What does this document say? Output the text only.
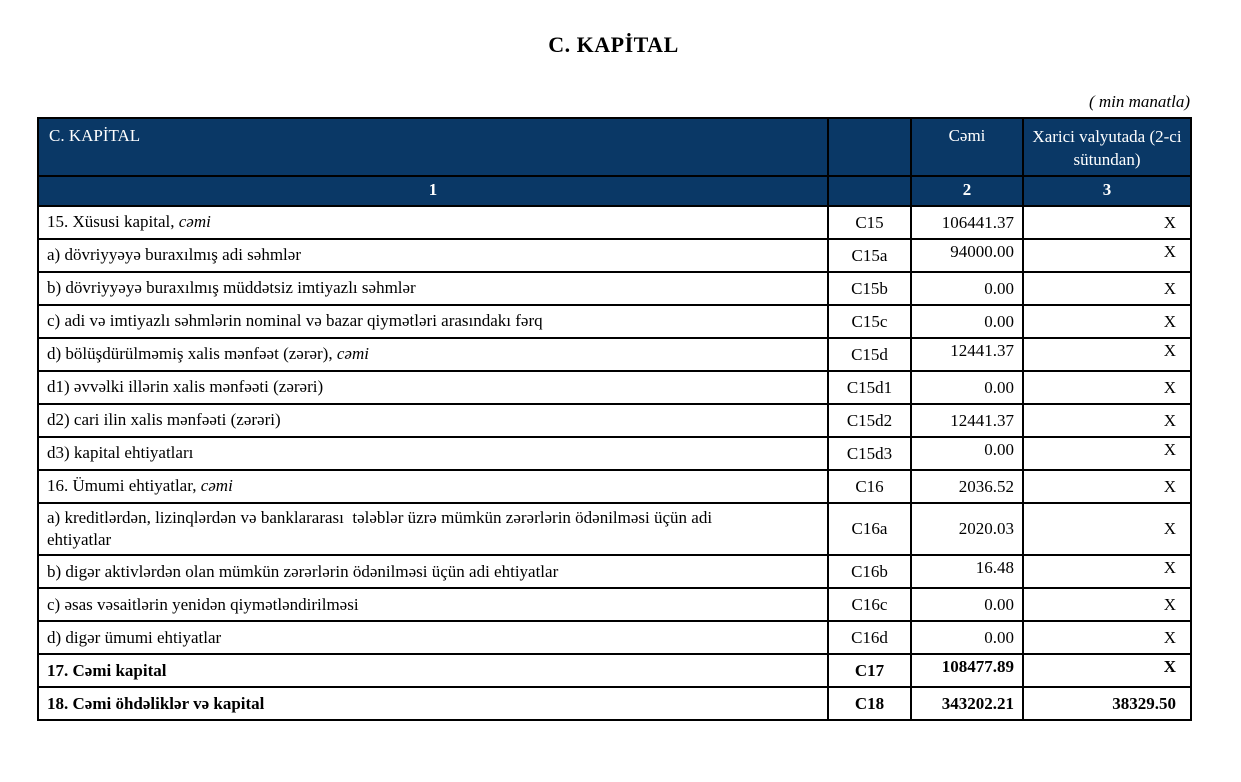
C. KAPİTAL
( min manatla)
C. KAPİTAL		Cəmi	Xarici valyutada (2-ci sütundan)
1		2	3
15. Xüsusi kapital, cəmi	C15	106441.37	X
a) dövriyyəyə buraxılmış adi səhmlər	C15a	94000.00	X
b) dövriyyəyə buraxılmış müddətsiz imtiyazlı səhmlər	C15b	0.00	X
c) adi və imtiyazlı səhmlərin nominal və bazar qiymətləri arasındakı fərq	C15c	0.00	X
d) bölüşdürülməmiş xalis mənfəət (zərər), cəmi	C15d	12441.37	X
d1) əvvəlki illərin xalis mənfəəti (zərəri)	C15d1	0.00	X
d2) cari ilin xalis mənfəəti (zərəri)	C15d2	12441.37	X
d3) kapital ehtiyatları	C15d3	0.00	X
16. Ümumi ehtiyatlar, cəmi	C16	2036.52	X
a) kreditlərdən, lizinqlərdən və banklararası  tələblər üzrə mümkün zərərlərin ödənilməsi üçün adi ehtiyatlar	C16a	2020.03	X
b) digər aktivlərdən olan mümkün zərərlərin ödənilməsi üçün adi ehtiyatlar	C16b	16.48	X
c) əsas vəsaitlərin yenidən qiymətləndirilməsi	C16c	0.00	X
d) digər ümumi ehtiyatlar	C16d	0.00	X
17. Cəmi kapital	C17	108477.89	X
18. Cəmi öhdəliklər və kapital	C18	343202.21	38329.50
